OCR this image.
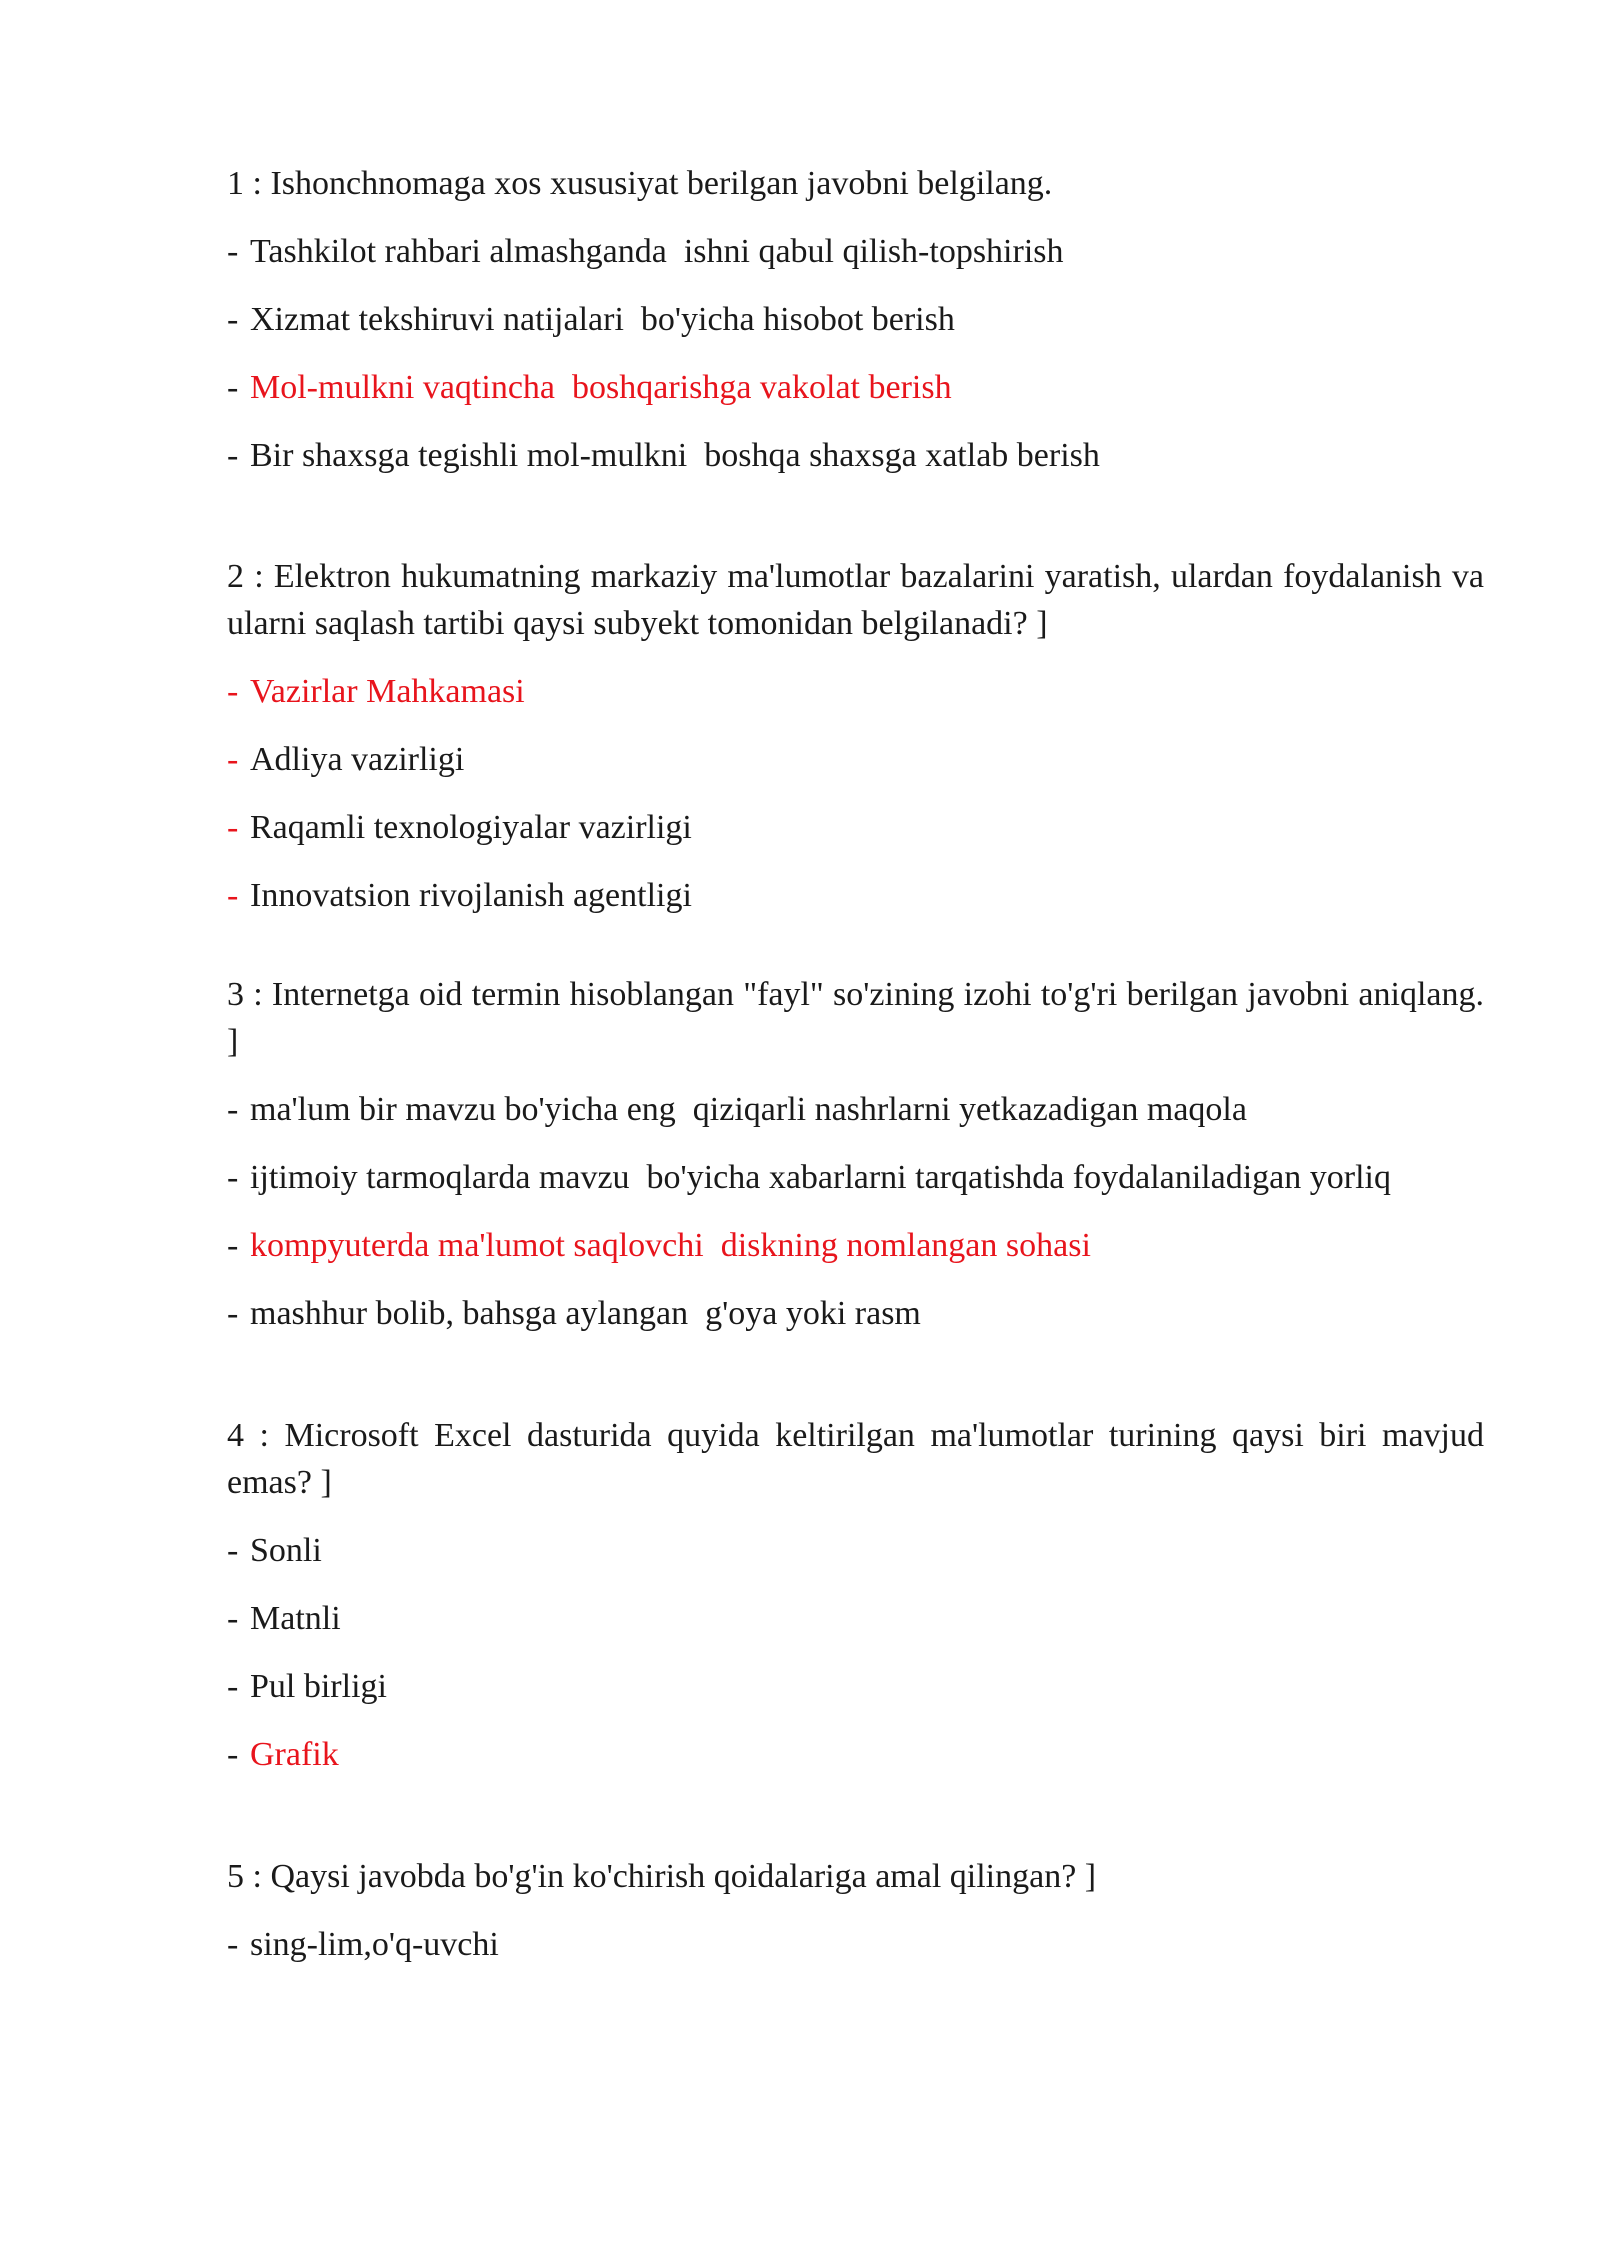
1 : Ishonchnomaga xos xususiyat berilgan javobni belgilang.

- Tashkilot rahbari almashganda  ishni qabul qilish-topshirish
- Xizmat tekshiruvi natijalari  bo'yicha hisobot berish
- Mol-mulkni vaqtincha  boshqarishga vakolat berish
- Bir shaxsga tegishli mol-mulkni  boshqa shaxsga xatlab berish

2 : Elektron hukumatning markaziy ma'lumotlar bazalarini yaratish, ulardan foydalanish va ularni saqlash tartibi qaysi subyekt tomonidan belgilanadi? ]

- Vazirlar Mahkamasi
- Adliya vazirligi
- Raqamli texnologiyalar vazirligi
- Innovatsion rivojlanish agentligi

3 : Internetga oid termin hisoblangan "fayl" so'zining izohi to'g'ri berilgan javobni aniqlang. ]

- ma'lum bir mavzu bo'yicha eng  qiziqarli nashrlarni yetkazadigan maqola
- ijtimoiy tarmoqlarda mavzu  bo'yicha xabarlarni tarqatishda foydalaniladigan yorliq
- kompyuterda ma'lumot saqlovchi  diskning nomlangan sohasi
- mashhur bolib, bahsga aylangan  g'oya yoki rasm

4 : Microsoft Excel dasturida quyida keltirilgan ma'lumotlar turining qaysi biri mavjud emas? ]

- Sonli
- Matnli
- Pul birligi
- Grafik

5 : Qaysi javobda bo'g'in ko'chirish qoidalariga amal qilingan? ]

- sing-lim,o'q-uvchi
